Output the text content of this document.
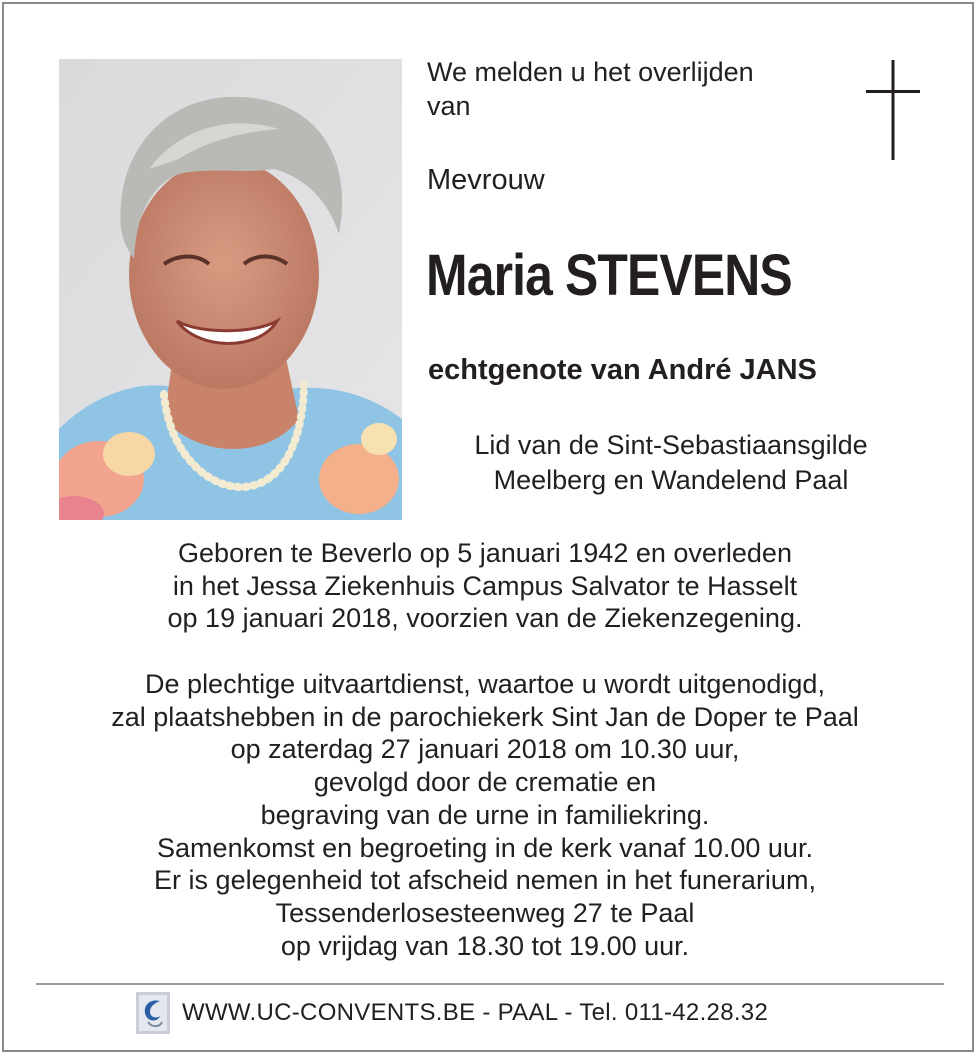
We melden u het overlijden
van
Mevrouw
Maria STEVENS
echtgenote van André JANS
Lid van de Sint-Sebastiaansgilde
Meelberg en Wandelend Paal
Geboren te Beverlo op 5 januari 1942 en overleden
in het Jessa Ziekenhuis Campus Salvator te Hasselt
op 19 januari 2018, voorzien van de Ziekenzegening.
De plechtige uitvaartdienst, waartoe u wordt uitgenodigd,
zal plaatshebben in de parochiekerk Sint Jan de Doper te Paal
op zaterdag 27 januari 2018 om 10.30 uur,
gevolgd door de crematie en
begraving van de urne in familiekring.
Samenkomst en begroeting in de kerk vanaf 10.00 uur.
Er is gelegenheid tot afscheid nemen in het funerarium,
Tessenderlosesteenweg 27 te Paal
op vrijdag van 18.30 tot 19.00 uur.
WWW.UC-CONVENTS.BE - PAAL - Tel. 011-42.28.32
